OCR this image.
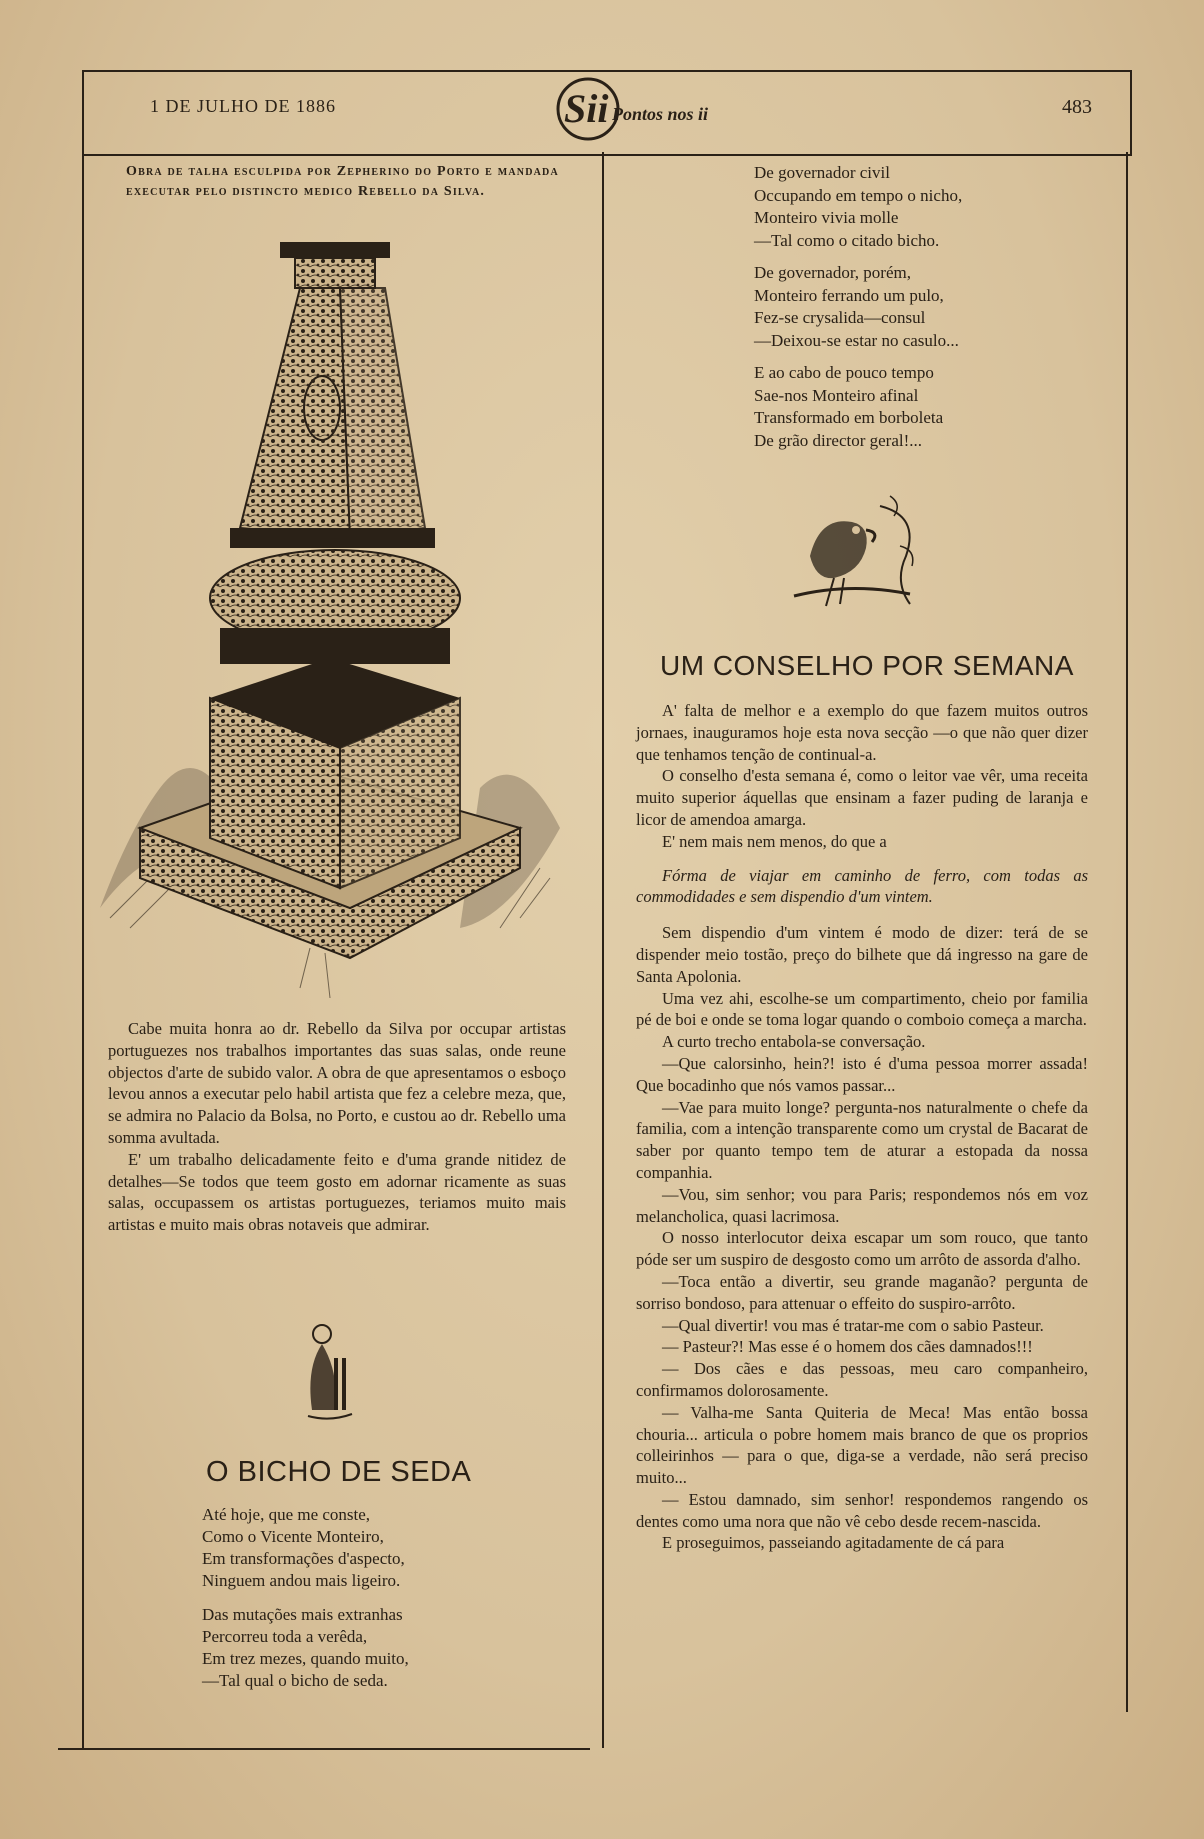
1 DE JULHO DE 1886	Sii Pontos nos ii	483
Obra de talha esculpida por Zepherino do Porto e mandada executar pelo distincto medico Rebello da Silva.

Cabe muita honra ao dr. Rebello da Silva por occupar artistas portuguezes nos trabalhos importantes das suas salas, onde reune objectos d'arte de subido valor. A obra de que apresentamos o esboço levou annos a executar pelo habil artista que fez a celebre meza, que, se admira no Palacio da Bolsa, no Porto, e custou ao dr. Rebello uma somma avultada.

E' um trabalho delicadamente feito e d'uma grande nitidez de detalhes—Se todos que teem gosto em adornar ricamente as suas salas, occupassem os artistas portuguezes, teriamos muito mais artistas e muito mais obras notaveis que admirar.

O BICHO DE SEDA
Até hoje, que me conste,
Como o Vicente Monteiro,
Em transformações d'aspecto,
Ninguem andou mais ligeiro.
Das mutações mais extranhas
Percorreu toda a verêda,
Em trez mezes, quando muito,
—Tal qual o bicho de seda.
De governador civil
Occupando em tempo o nicho,
Monteiro vivia molle
—Tal como o citado bicho.
De governador, porém,
Monteiro ferrando um pulo,
Fez-se crysalida—consul
—Deixou-se estar no casulo...
E ao cabo de pouco tempo
Sae-nos Monteiro afinal
Transformado em borboleta
De grão director geral!...
UM CONSELHO POR SEMANA

A' falta de melhor e a exemplo do que fazem muitos outros jornaes, inauguramos hoje esta nova secção —o que não quer dizer que tenhamos tenção de continual-a.

O conselho d'esta semana é, como o leitor vae vêr, uma receita muito superior áquellas que ensinam a fazer puding de laranja e licor de amendoa amarga.

E' nem mais nem menos, do que a

Fórma de viajar em caminho de ferro, com todas as commodidades e sem dispendio d'um vintem.

Sem dispendio d'um vintem é modo de dizer: terá de se dispender meio tostão, preço do bilhete que dá ingresso na gare de Santa Apolonia.

Uma vez ahi, escolhe-se um compartimento, cheio por familia pé de boi e onde se toma logar quando o comboio começa a marcha.

A curto trecho entabola-se conversação.

—Que calorsinho, hein?! isto é d'uma pessoa morrer assada! Que bocadinho que nós vamos passar...

—Vae para muito longe? pergunta-nos naturalmente o chefe da familia, com a intenção transparente como um crystal de Bacarat de saber por quanto tempo tem de aturar a estopada da nossa companhia.

—Vou, sim senhor; vou para Paris; respondemos nós em voz melancholica, quasi lacrimosa.

O nosso interlocutor deixa escapar um som rouco, que tanto póde ser um suspiro de desgosto como um arrôto de assorda d'alho.

—Toca então a divertir, seu grande maganão? pergunta de sorriso bondoso, para attenuar o effeito do suspiro-arrôto.

—Qual divertir! vou mas é tratar-me com o sabio Pasteur.

— Pasteur?! Mas esse é o homem dos cães damnados!!!

— Dos cães e das pessoas, meu caro companheiro, confirmamos dolorosamente.

— Valha-me Santa Quiteria de Meca! Mas então bossa chouria... articula o pobre homem mais branco de que os proprios colleirinhos — para o que, diga-se a verdade, não será preciso muito...

— Estou damnado, sim senhor! respondemos rangendo os dentes como uma nora que não vê cebo desde recem-nascida.

E proseguimos, passeiando agitadamente de cá para
